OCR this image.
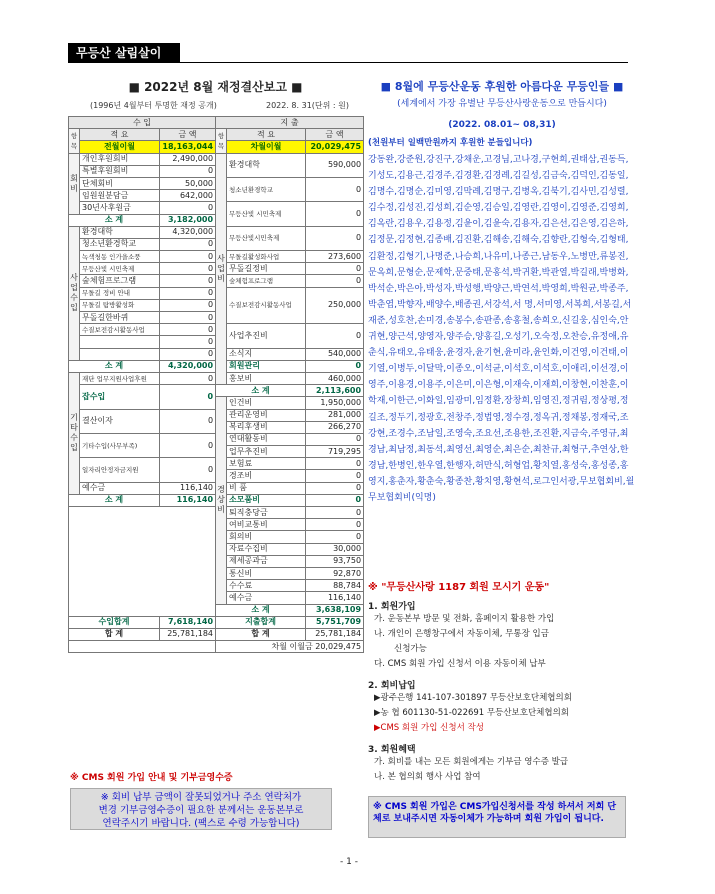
무등산 살림살이
■ 2022년 8월 재정결산보고 ■
(1996년 4월부터 투명한 재정 공개)	2022. 8. 31(단위 : 원)
수 입			지 출		
항목	적 요	금 액	항목	적 요	금 액
	전월이월	18,163,044		차월이월	20,029,475
회비	개인후원회비	2,490,000	사업비	환경대학	590,000
	특별후원회비	0			
	단체회비	50,000		청소년환경학교	0
	임원원분담금	642,000			
	30년사후원금	0		무등산빛 시민축제	0
소 계		3,182,000			
사업수입	환경대학	4,320,000		무등산빛시민축제	0
	청소년환경학교	0			
	녹색청동 인가을소풍	0		무돌길활성화사업	273,600
	무등산빛 시민축제	0		무돌길정비	0
	숲체험프로그램	0		숲체험프로그램	0
	무돌길 정비 안내	0		수질보전감시활동사업	250,000
	무돌길 탐방활성화	0			
	무돌길한바퀴	0			
	수질보전감시활동사업	0		사업추진비	0
		0			
		0		소식지	540,000
소 계		4,320,000		회원관리	0
기타수입	재단 업무지원사업후원	0			
				홍보비	460,000
	잡수입	0	소 계		2,113,600
			경상비	인건비	1,950,000
	결산이자	0		관리운영비	281,000
				복리후생비	266,270
	기타수입(사무부족)	0		연대활동비	0
				업무추진비	719,295
	일자리안정자금지원	0		보험료	0
				경조비	0
	예수금	116,140		비 품	0
소 계		116,140		소모품비	0
				퇴직충당금	0
				여비교통비	0
				회의비	0
				자료수집비	30,000
				제세공과금	93,750
				통신비	92,870
				수수료	88,784
				예수금	116,140
			소 계		3,638,109
수입합계		7,618,140	지출합계		5,751,709
합 계		25,781,184	합 계		25,781,184
			차월 이월금 20,029,475		
※ CMS 회원 가입 안내 및 기부금영수증
※ 회비 납부 금액이 잘못되었거나 주소 연락처가
변경 기부금영수증이 필요한 분께서는 운동본부로
연락주시기 바랍니다. (팩스로 수령 가능합니다)
■ 8월에 무등산운동 후원한 아름다운 무등인들 ■
(세계에서 가장 유별난 무등산사랑운동으로 만듭시다)
(2022. 08.01~ 08,31)
(천원부터 일백만원까지 후원한 분들입니다)
강동완,강준원,강진구,강채운,고경님,고나경,구현희,권태삼,권동득,기성도,김용근,김경주,김경환,김경례,김길성,김금숙,김덕인,김동일,김명수,김명순,김미영,김막례,김명구,김병옥,김북기,김사민,김성렬,김수정,김성진,김성희,김순영,김승일,김영란,김영이,김영준,김영희,김옥란,김용우,김용정,김윤이,김윤숙,김용자,김은선,김은영,김은하,김정문,김정현,김종배,김진환,김해송,김해숙,김향란,김형숙,김형태,김환정,김형기,나명준,나승희,나유미,나종근,남동우,노병만,류봉진,문옥희,문형순,문제학,문중태,문홍석,박귀환,박관열,박길래,박병화,박석순,박은아,박성자,박성행,박양근,박연석,박영희,박원균,박종주,박춘엽,박향자,배양수,배종권,서강석,서 명,서미영,서복희,서봉길,서재준,성호찬,손미경,송봉수,송판종,송홍철,송희오,신길웅,심인숙,안귀현,양근석,양영자,양주승,양홍길,오성기,오숙정,오찬승,유정애,유춘식,유태오,유태웅,윤경자,윤기현,윤미라,윤인화,이건영,이건태,이기열,이병두,이달막,이종오,이석균,이석호,이석호,이애리,이선경,이영주,이용경,이용주,이은미,이은형,이재숙,이재희,이창현,이찬훈,이학재,이한근,이화일,임광미,임정환,장창희,임영진,정귀림,정상평,정길조,정두기,정광호,전창주,정법영,정수경,정옥귀,정채봉,정재국,조강현,조경수,조남일,조영숙,조요선,조용한,조진환,지금숙,주영규,최경남,최남정,최동석,최영선,최영순,최은순,최찬규,최형구,추연상,한경남,한병인,한우열,한행자,허만식,허형업,황치열,홍성숙,홍성종,홍영지,홍춘자,황춘숙,황종찬,황치영,황현석,로그인서광,무보협회비,월무보협회비(익명)
※ "무등산사랑 1187 회원 모시기 운동"
1. 회원가입
가. 운동본부 방문 및 전화, 홈페이지 활용한 가입
나. 개인이 은행창구에서 자동이체, 무통장 입금
신청가능
다. CMS 회원 가입 신청서 이용 자동이체 납부
2. 회비납입
▶광주은행 141-107-301897 무등산보호단체협의회
▶농 협 601130-51-022691 무등산보호단체협의회
▶CMS 회원 가입 신청서 작성
3. 회원혜택
가. 회비를 내는 모든 회원에게는 기부금 영수증 발급
나. 본 협의회 행사 사업 참여
※ CMS 회원 가입은 CMS가입신청서를 작성 하셔서 저희 단체로 보내주시면 자동이체가 가능하며 회원 가입이 됩니다.
- 1 -
